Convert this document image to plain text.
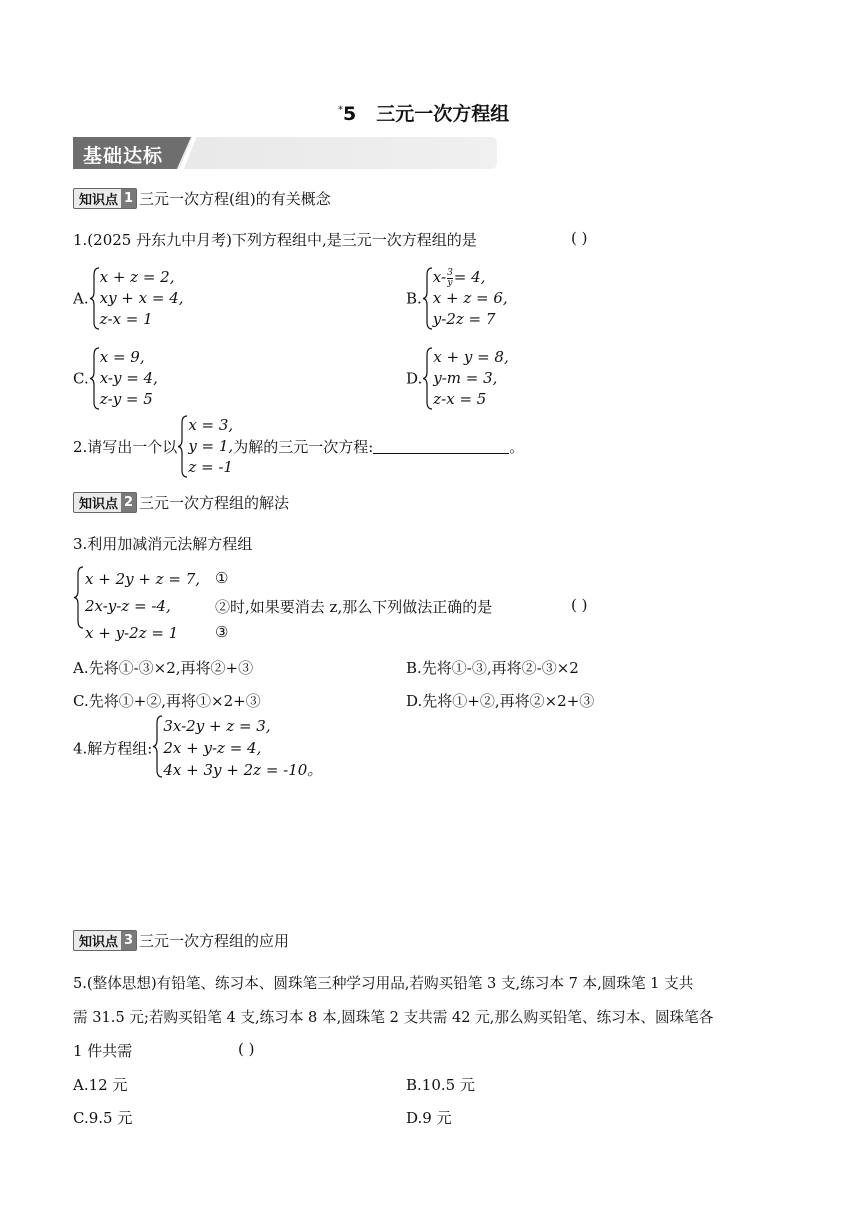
*5 三元一次方程组
基础达标
知识点 1 三元一次方程(组)的有关概念
1.(2025 丹东九中月考)下列方程组中,是三元一次方程组的是	( )
A.
x + z = 2,
xy + x = 4,
z-x = 1
B.
$x- \frac{3}{y} = 4$,
x + z = 6,
y-2z = 7
C.
x = 9,
x-y = 4,
z-y = 5
D.
x + y = 8,
y-m = 3,
z-x = 5
2.请写出一个以
x = 3,
y = 1,
z = -1
为解的三元一次方程:	。
知识点 2 三元一次方程组的解法
3.利用加减消元法解方程组
x + 2y + z = 7,
2x-y-z = -4,
x + y-2z = 1
①
②时,如果要消去 z,那么下列做法正确的是	( )
③
A.先将①-③×2,再将②+③	B.先将①-③,再将②-③×2
C.先将①+②,再将①×2+③	D.先将①+②,再将②×2+③
4.解方程组:
3x-2y + z = 3,
2x + y-z = 4,
4x + 3y + 2z = -10。
知识点 3 三元一次方程组的应用
5.(整体思想)有铅笔、练习本、圆珠笔三种学习用品,若购买铅笔 3 支,练习本 7 本,圆珠笔 1 支共
需 31.5 元;若购买铅笔 4 支,练习本 8 本,圆珠笔 2 支共需 42 元,那么购买铅笔、练习本、圆珠笔各
1 件共需	( )
A.12 元	B.10.5 元
C.9.5 元	D.9 元
